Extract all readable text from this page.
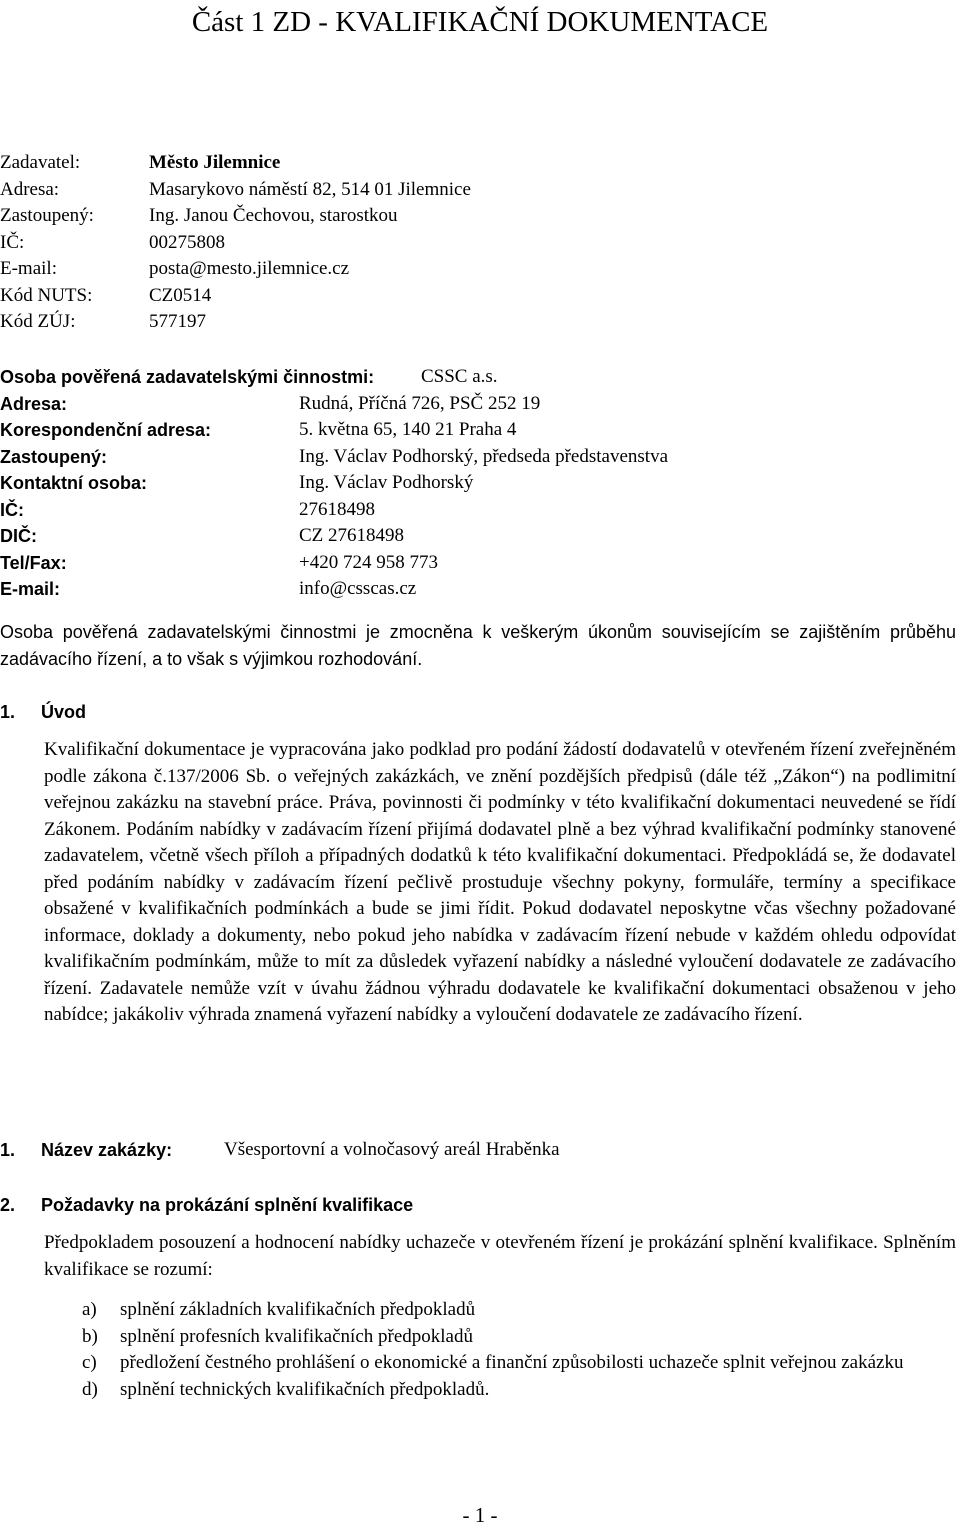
Část 1 ZD - KVALIFIKAČNÍ DOKUMENTACE
Zadavatel:	Město Jilemnice
Adresa:	Masarykovo náměstí 82, 514 01 Jilemnice
Zastoupený:	Ing. Janou Čechovou, starostkou
IČ:	00275808
E-mail:	posta@mesto.jilemnice.cz
Kód NUTS:	CZ0514
Kód ZÚJ:	577197
Osoba pověřená zadavatelskými činnostmi: CSSC a.s.
Adresa:	Rudná, Příčná 726, PSČ 252 19
Korespondenční adresa:	5. května 65, 140 21 Praha 4
Zastoupený:	Ing. Václav Podhorský, předseda představenstva
Kontaktní osoba:	Ing. Václav Podhorský
IČ:	27618498
DIČ:	CZ 27618498
Tel/Fax:	+420 724 958 773
E-mail:	info@csscas.cz
Osoba pověřená zadavatelskými činnostmi je zmocněna k veškerým úkonům souvisejícím se zajištěním průběhu zadávacího řízení, a to však s výjimkou rozhodování.
1. Úvod
Kvalifikační dokumentace je vypracována jako podklad pro podání žádostí dodavatelů v otevřeném řízení zveřejněném podle zákona č.137/2006 Sb. o veřejných zakázkách, ve znění pozdějších předpisů (dále též „Zákon“) na podlimitní veřejnou zakázku na stavební práce. Práva, povinnosti či podmínky v této kvalifikační dokumentaci neuvedené se řídí Zákonem. Podáním nabídky v zadávacím řízení přijímá dodavatel plně a bez výhrad kvalifikační podmínky stanovené zadavatelem, včetně všech příloh a případných dodatků k této kvalifikační dokumentaci. Předpokládá se, že dodavatel před podáním nabídky v zadávacím řízení pečlivě prostuduje všechny pokyny, formuláře, termíny a specifikace obsažené v kvalifikačních podmínkách a bude se jimi řídit. Pokud dodavatel neposkytne včas všechny požadované informace, doklady a dokumenty, nebo pokud jeho nabídka v zadávacím řízení nebude v každém ohledu odpovídat kvalifikačním podmínkám, může to mít za důsledek vyřazení nabídky a následné vyloučení dodavatele ze zadávacího řízení. Zadavatele nemůže vzít v úvahu žádnou výhradu dodavatele ke kvalifikační dokumentaci obsaženou v jeho nabídce; jakákoliv výhrada znamená vyřazení nabídky a vyloučení dodavatele ze zadávacího řízení.
1. Název zakázky:	Všesportovní a volnočasový areál Hraběnka
2. Požadavky na prokázání splnění kvalifikace
Předpokladem posouzení a hodnocení nabídky uchazeče v otevřeném řízení je prokázání splnění kvalifikace. Splněním kvalifikace se rozumí:
a) splnění základních kvalifikačních předpokladů
b) splnění profesních kvalifikačních předpokladů
c) předložení čestného prohlášení o ekonomické a finanční způsobilosti uchazeče splnit veřejnou zakázku
d) splnění technických kvalifikačních předpokladů.
- 1 -
